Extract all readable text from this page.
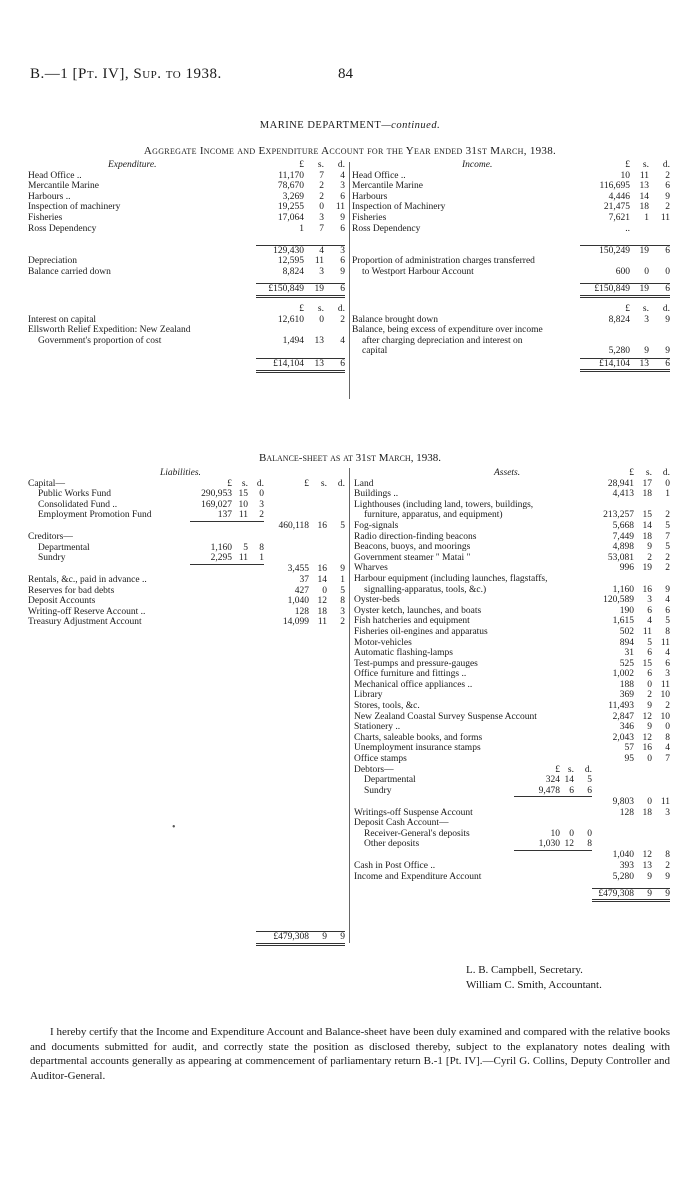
B.—1 [Pt. IV], Sup. to 1938.	84
MARINE DEPARTMENT—continued.
Aggregate Income and Expenditure Account for the Year ended 31st March, 1938.
Expenditure.	£	s.	d.
Head Office ..	11,170	7	4
Mercantile Marine	78,670	2	3
Harbours ..	3,269	2	6
Inspection of machinery	19,255	0	11
Fisheries	17,064	3	9
Ross Dependency	1	7	6

	129,430	4	3
Depreciation	12,595	11	6
Balance carried down	8,824	3	9

	£150,849	19	6

	£	s.	d.
Interest on capital	12,610	0	2
Ellsworth Relief Expedition: New Zealand			
Government's proportion of cost	1,494	13	4

	£14,104	13	6
Income.	£	s.	d.
Head Office ..	10	11	2
Mercantile Marine	116,695	13	6
Harbours	4,446	14	9
Inspection of Machinery	21,475	18	2
Fisheries	7,621	1	11
Ross Dependency	..		

	150,249	19	6
Proportion of administration charges transferred			
to Westport Harbour Account	600	0	0

	£150,849	19	6

	£	s.	d.
Balance brought down	8,824	3	9
Balance, being excess of expenditure over income			
after charging depreciation and interest on			
capital	5,280	9	9

	£14,104	13	6
Balance-sheet as at 31st March, 1938.
Liabilities.						
Capital—	£	s.	d.	£	s.	d.
Public Works Fund	290,953	15	0			
Consolidated Fund ..	169,027	10	3			
Employment Promotion Fund	137	11	2			
				460,118	16	5
Creditors—						
Departmental	1,160	5	8			
Sundry	2,295	11	1			
				3,455	16	9
Rentals, &c., paid in advance ..				37	14	1
Reserves for bad debts				427	0	5
Deposit Accounts				1,040	12	8
Writing-off Reserve Account ..				128	18	3
Treasury Adjustment Account				14,099	11	2
£479,308	9	9
•
Assets.				£	s.	d.
Land				28,941	17	0
Buildings ..				4,413	18	1
Lighthouses (including land, towers, buildings,						
furniture, apparatus, and equipment)				213,257	15	2
Fog-signals				5,668	14	5
Radio direction-finding beacons				7,449	18	7
Beacons, buoys, and moorings				4,898	9	5
Government steamer " Matai "				53,081	2	2
Wharves				996	19	2
Harbour equipment (including launches, flagstaffs,						
signalling-apparatus, tools, &c.)				1,160	16	9
Oyster-beds				120,589	3	4
Oyster ketch, launches, and boats				190	6	6
Fish hatcheries and equipment				1,615	4	5
Fisheries oil-engines and apparatus				502	11	8
Motor-vehicles				894	5	11
Automatic flashing-lamps				31	6	4
Test-pumps and pressure-gauges				525	15	6
Office furniture and fittings ..				1,002	6	3
Mechanical office appliances ..				188	0	11
Library				369	2	10
Stores, tools, &c.				11,493	9	2
New Zealand Coastal Survey Suspense Account				2,847	12	10
Stationery ..				346	9	0
Charts, saleable books, and forms				2,043	12	8
Unemployment insurance stamps				57	16	4
Office stamps				95	0	7
Debtors—	£	s.	d.			
Departmental	324	14	5			
Sundry	9,478	6	6			
				9,803	0	11
Writings-off Suspense Account				128	18	3
Deposit Cash Account—						
Receiver-General's deposits	10	0	0			
Other deposits	1,030	12	8			
				1,040	12	8
Cash in Post Office ..				393	13	2
Income and Expenditure Account				5,280	9	9

				£479,308	9	9
L. B. Campbell, Secretary.
William C. Smith, Accountant.
I hereby certify that the Income and Expenditure Account and Balance-sheet have been duly examined and compared with the relative books and documents submitted for audit, and correctly state the position as disclosed thereby, subject to the explanatory notes dealing with departmental accounts generally as appearing at commencement of parliamentary return B.-1 [Pt. IV].—Cyril G. Collins, Deputy Controller and Auditor-General.
